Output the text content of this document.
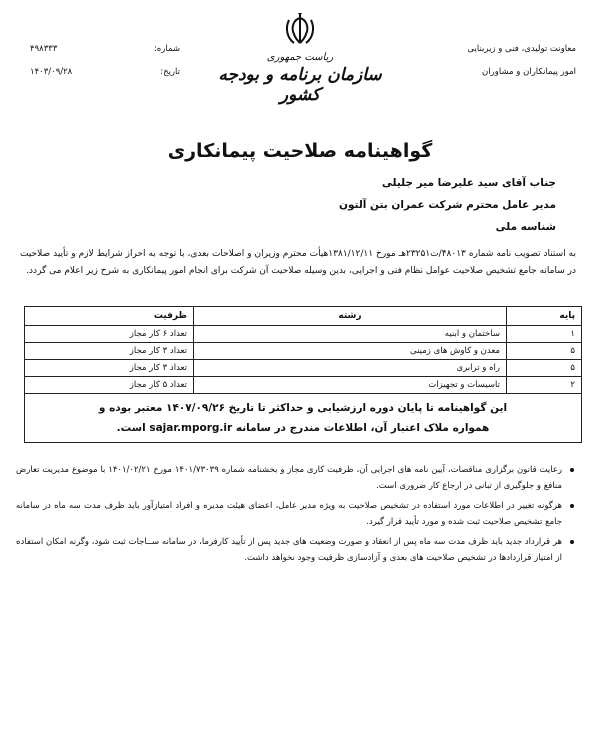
معاونت تولیدی، فنی و زیربنایی
امور پیمانکاران و مشاوران
ریاست جمهوری
سازمان برنامه و بودجه کشور
شماره:
۴۹۸۳۳۳
تاریخ:
۱۴۰۳/۰۹/۲۸
گواهینامه صلاحیت پیمانکاری
جناب آقای سید علیرضا میر جلیلی
مدیر عامل محترم شرکت عمران بتن آلتون
شناسه ملی
به استناد تصویب نامه شماره ۴۸۰۱۳/ت۲۳۲۵۱هـ مورخ ۱۳۸۱/۱۲/۱۱هیأت محترم وزیران و اصلاحات بعدی، با توجه به احراز شرایط لازم و تأیید صلاحیت در سامانه جامع تشخیص صلاحیت عوامل نظام فنی و اجرایی، بدین وسیله صلاحیت آن شرکت برای انجام امور پیمانکاری به شرح زیر اعلام می گردد.
پایه	رشته	ظرفیت
۱	ساختمان و ابنیه	تعداد ۶ کار مجاز
۵	معدن و کاوش های زمینی	تعداد ۳ کار مجاز
۵	راه و ترابری	تعداد ۳ کار مجاز
۲	تاسیسات و تجهیزات	تعداد ۵ کار مجاز

این گواهینامه تا پایان دوره ارزشیابی و حداکثر تا تاریخ ۱۴۰۷/۰۹/۲۶ معتبر بوده و
همواره ملاک اعتبار آن، اطلاعات مندرج در سامانه sajar.mporg.ir است.		
رعایت قانون برگزاری مناقصات، آیین نامه های اجرایی آن، ظرفیت کاری مجاز و بخشنامه شماره ۱۴۰۱/۷۳۰۳۹ مورخ ۱۴۰۱/۰۲/۲۱ با موضوع مدیریت تعارض منافع و جلوگیری از تبانی در ارجاع کار ضروری است.
هرگونه تغییر در اطلاعات مورد استفاده در تشخیص صلاحیت به ویژه مدیر عامل، اعضای هیئت مدیره و افراد امتیازآور باید ظرف مدت سه ماه در سامانه جامع تشخیص صلاحیت ثبت شده و مورد تأیید قرار گیرد.
هر قرارداد جدید باید ظرف مدت سه ماه پس از انعقاد و صورت وضعیت های جدید پس از تأیید کارفرما، در سامانه ســاجات ثبت شود، وگرنه امکان استفاده از امتیاز قراردادها در تشخیص صلاحیت های بعدی و آزادسازی ظرفیت وجود نخواهد داشت.
